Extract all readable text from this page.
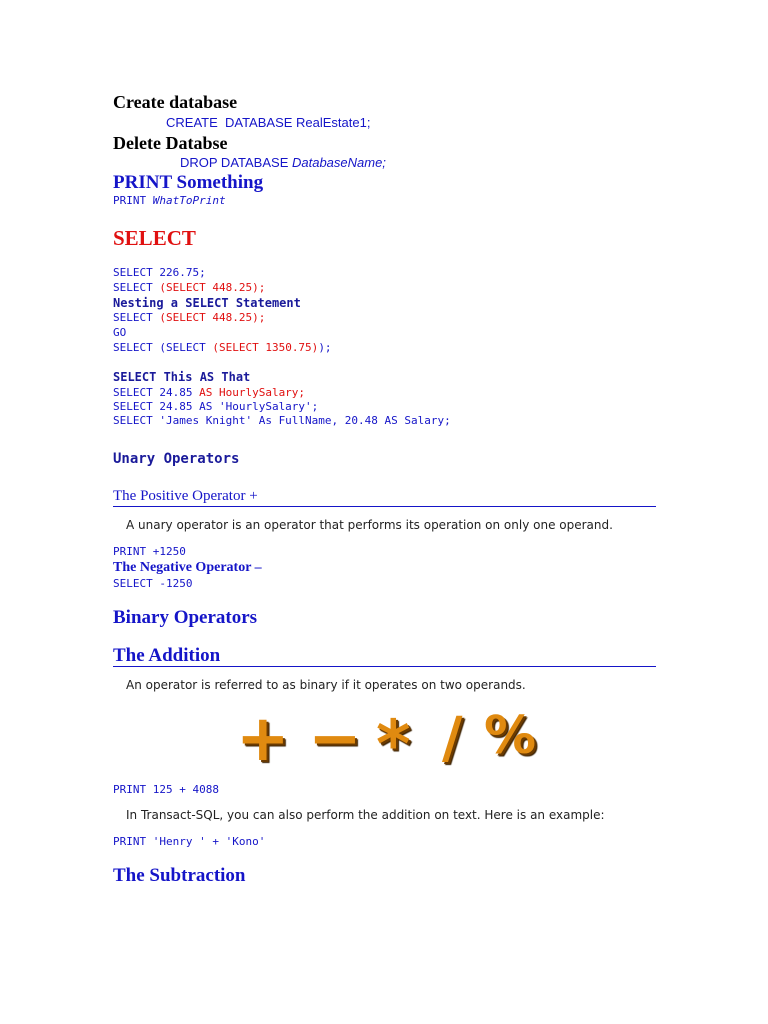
Create database
CREATE  DATABASE RealEstate1;
Delete Databse
DROP DATABASE DatabaseName;
PRINT Something
PRINT WhatToPrint
SELECT
SELECT 226.75;
SELECT (SELECT 448.25);
Nesting a SELECT Statement
SELECT (SELECT 448.25);
GO
SELECT (SELECT (SELECT 1350.75));
SELECT This AS That
SELECT 24.85 AS HourlySalary;
SELECT 24.85 AS 'HourlySalary';
SELECT 'James Knight' As FullName, 20.48 AS Salary;
Unary Operators
The Positive Operator +
A unary operator is an operator that performs its operation on only one operand.
PRINT +1250
The Negative Operator –
SELECT -1250
Binary Operators
The Addition
An operator is referred to as binary if it operates on two operands.
+ − * / %
PRINT 125 + 4088
In Transact-SQL, you can also perform the addition on text. Here is an example:
PRINT 'Henry ' + 'Kono'
The Subtraction
